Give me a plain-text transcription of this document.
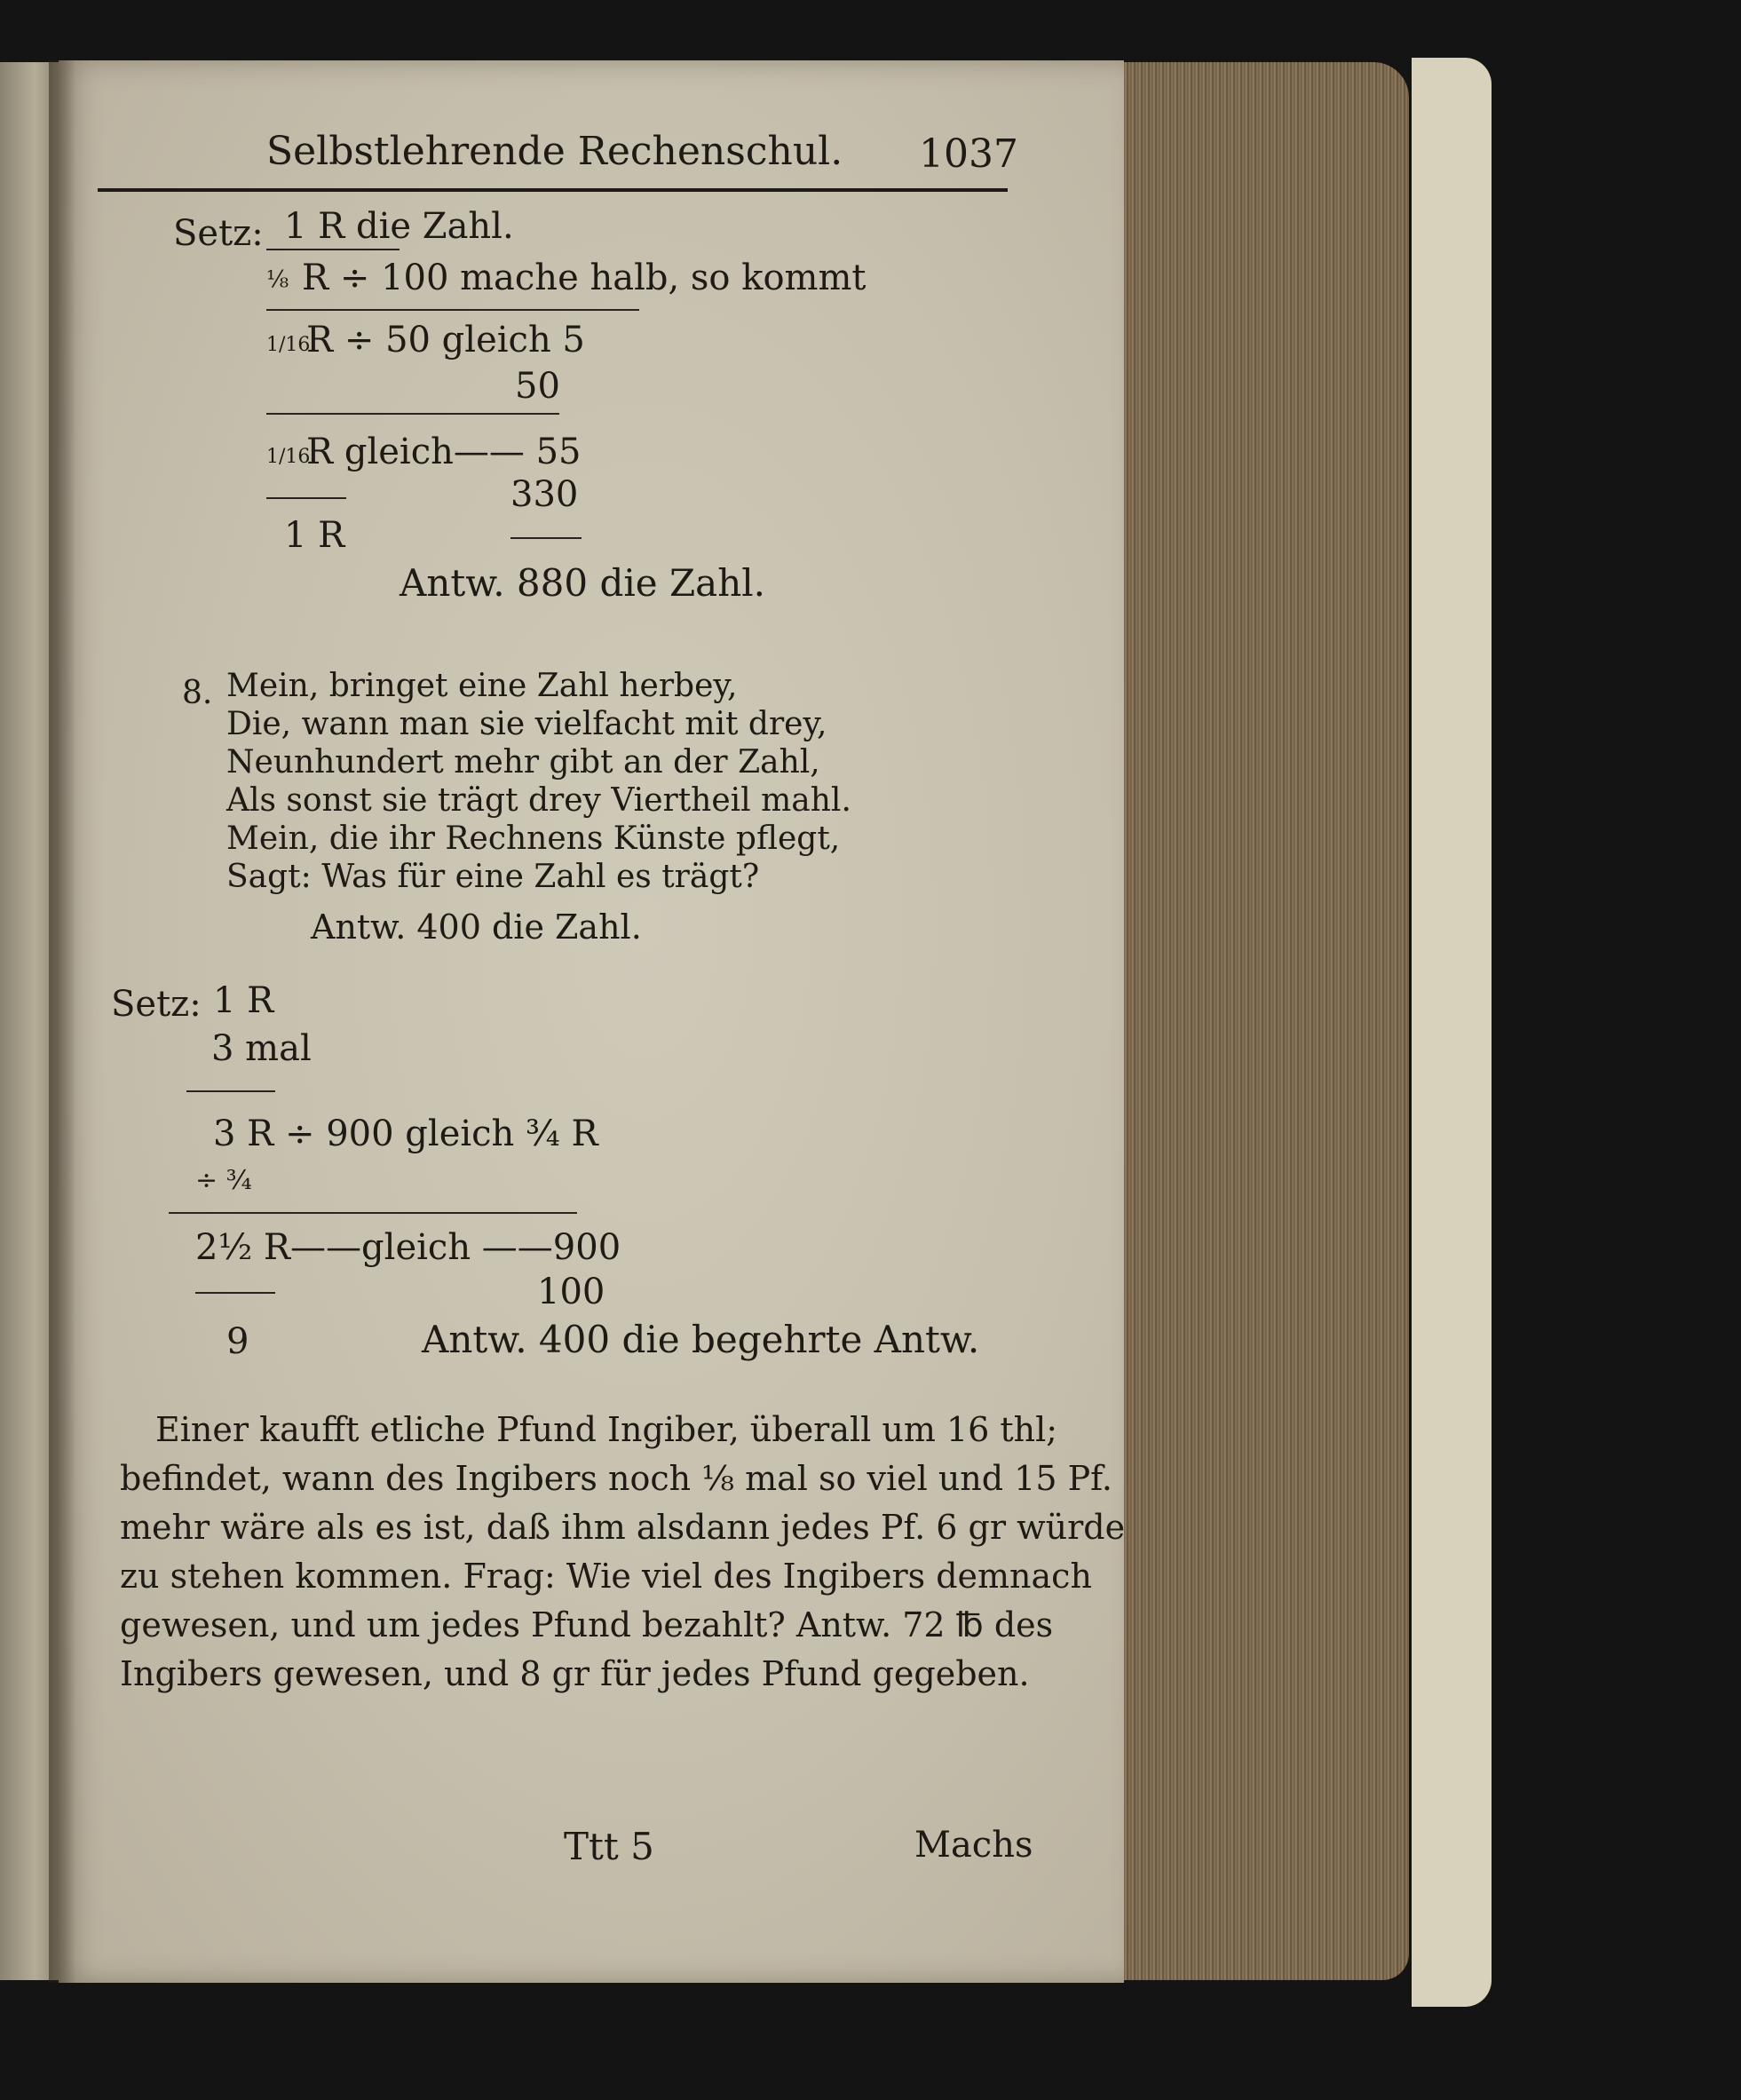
Selbstlehrende Rechenschul. 1037
Setz: 1 R die Zahl.
⅛ R ÷ 100 mache halb, so kommt
1/16
R ÷ 50 gleich 5
50
1/16
R gleich—— 55
330
1 R
Antw. 880 die Zahl.
8. Mein, bringet eine Zahl herbey,
Die, wann man sie vielfacht mit drey,
Neunhundert mehr gibt an der Zahl,
Als sonst sie trägt drey Viertheil mahl.
Mein, die ihr Rechnens Künste pflegt,
Sagt: Was für eine Zahl es trägt?
Antw. 400 die Zahl.
Setz: 1 R
3 mal
3 R ÷ 900 gleich ¾ R
÷ ¾
2½ R——gleich ——900
100
9	Antw. 400 die begehrte Antw.
Einer kaufft etliche Pfund Ingiber, überall um 16 thl;
befindet, wann des Ingibers noch ⅛ mal so viel und 15 Pf.
mehr wäre als es ist, daß ihm alsdann jedes Pf. 6 gr würde
zu stehen kommen. Frag: Wie viel des Ingibers demnach
gewesen, und um jedes Pfund bezahlt? Antw. 72 ℔ des
Ingibers gewesen, und 8 gr für jedes Pfund gegeben.
Ttt 5	Machs
